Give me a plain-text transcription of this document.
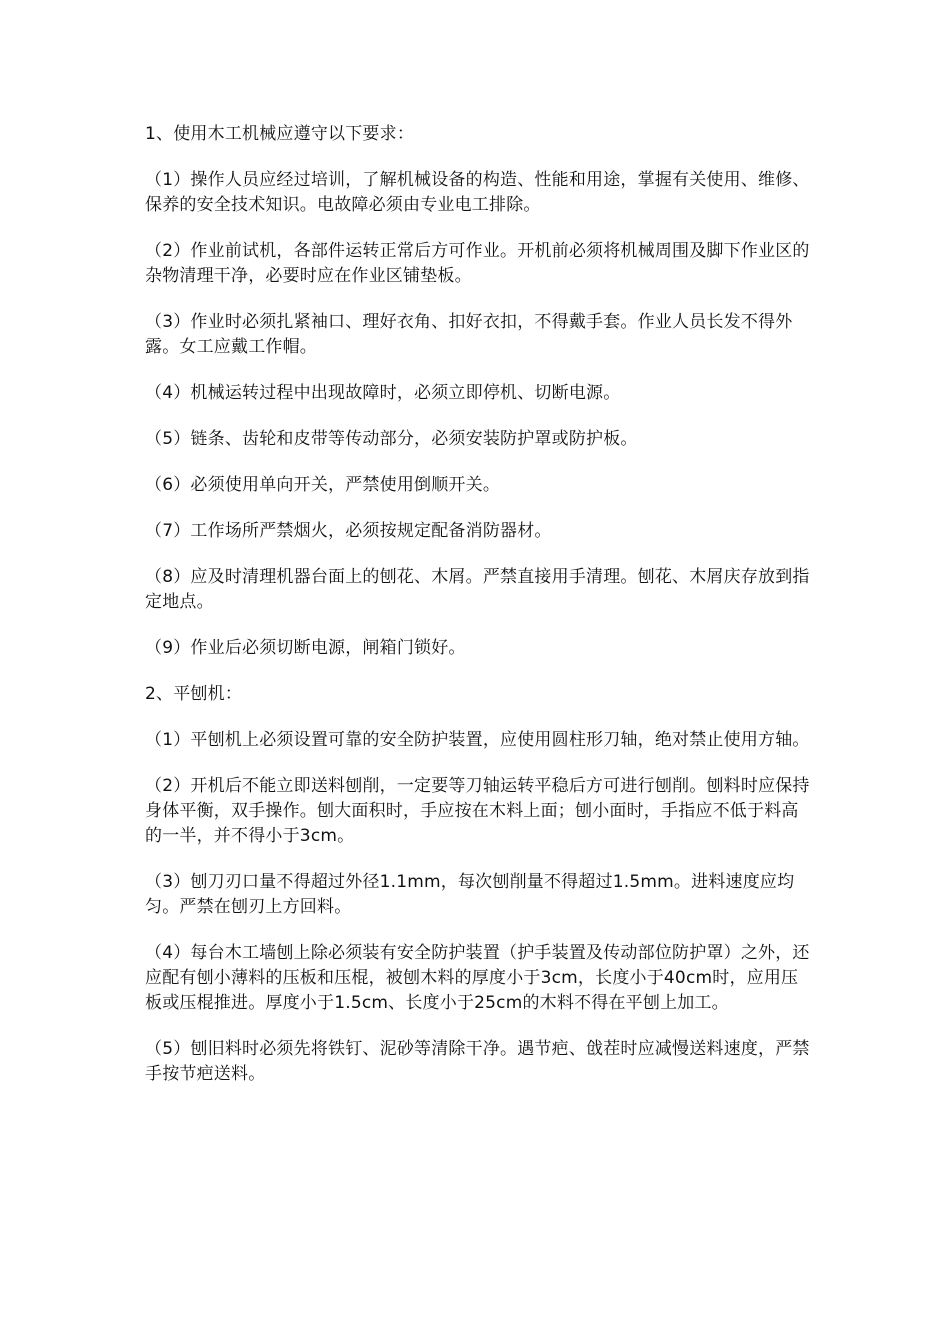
1、使用木工机械应遵守以下要求：

（1）操作人员应经过培训，了解机械设备的构造、性能和用途，掌握有关使用、维修、保养的安全技术知识。电故障必须由专业电工排除。

（2）作业前试机，各部件运转正常后方可作业。开机前必须将机械周围及脚下作业区的杂物清理干净，必要时应在作业区铺垫板。

（3）作业时必须扎紧袖口、理好衣角、扣好衣扣，不得戴手套。作业人员长发不得外露。女工应戴工作帽。

（4）机械运转过程中出现故障时，必须立即停机、切断电源。

（5）链条、齿轮和皮带等传动部分，必须安装防护罩或防护板。

（6）必须使用单向开关，严禁使用倒顺开关。

（7）工作场所严禁烟火，必须按规定配备消防器材。

（8）应及时清理机器台面上的刨花、木屑。严禁直接用手清理。刨花、木屑庆存放到指定地点。

（9）作业后必须切断电源，闸箱门锁好。

2、平刨机：

（1）平刨机上必须设置可靠的安全防护装置，应使用圆柱形刀轴，绝对禁止使用方轴。

（2）开机后不能立即送料刨削，一定要等刀轴运转平稳后方可进行刨削。刨料时应保持身体平衡，双手操作。刨大面积时，手应按在木料上面；刨小面时，手指应不低于料高的一半，并不得小于3cm。

（3）刨刀刃口量不得超过外径1.1mm，每次刨削量不得超过1.5mm。进料速度应均匀。严禁在刨刃上方回料。

（4）每台木工墙刨上除必须装有安全防护装置（护手装置及传动部位防护罩）之外，还应配有刨小薄料的压板和压棍，被刨木料的厚度小于3cm，长度小于40cm时，应用压板或压棍推进。厚度小于1.5cm、长度小于25cm的木料不得在平刨上加工。

（5）刨旧料时必须先将铁钉、泥砂等清除干净。遇节疤、戗茬时应减慢送料速度，严禁手按节疤送料。
